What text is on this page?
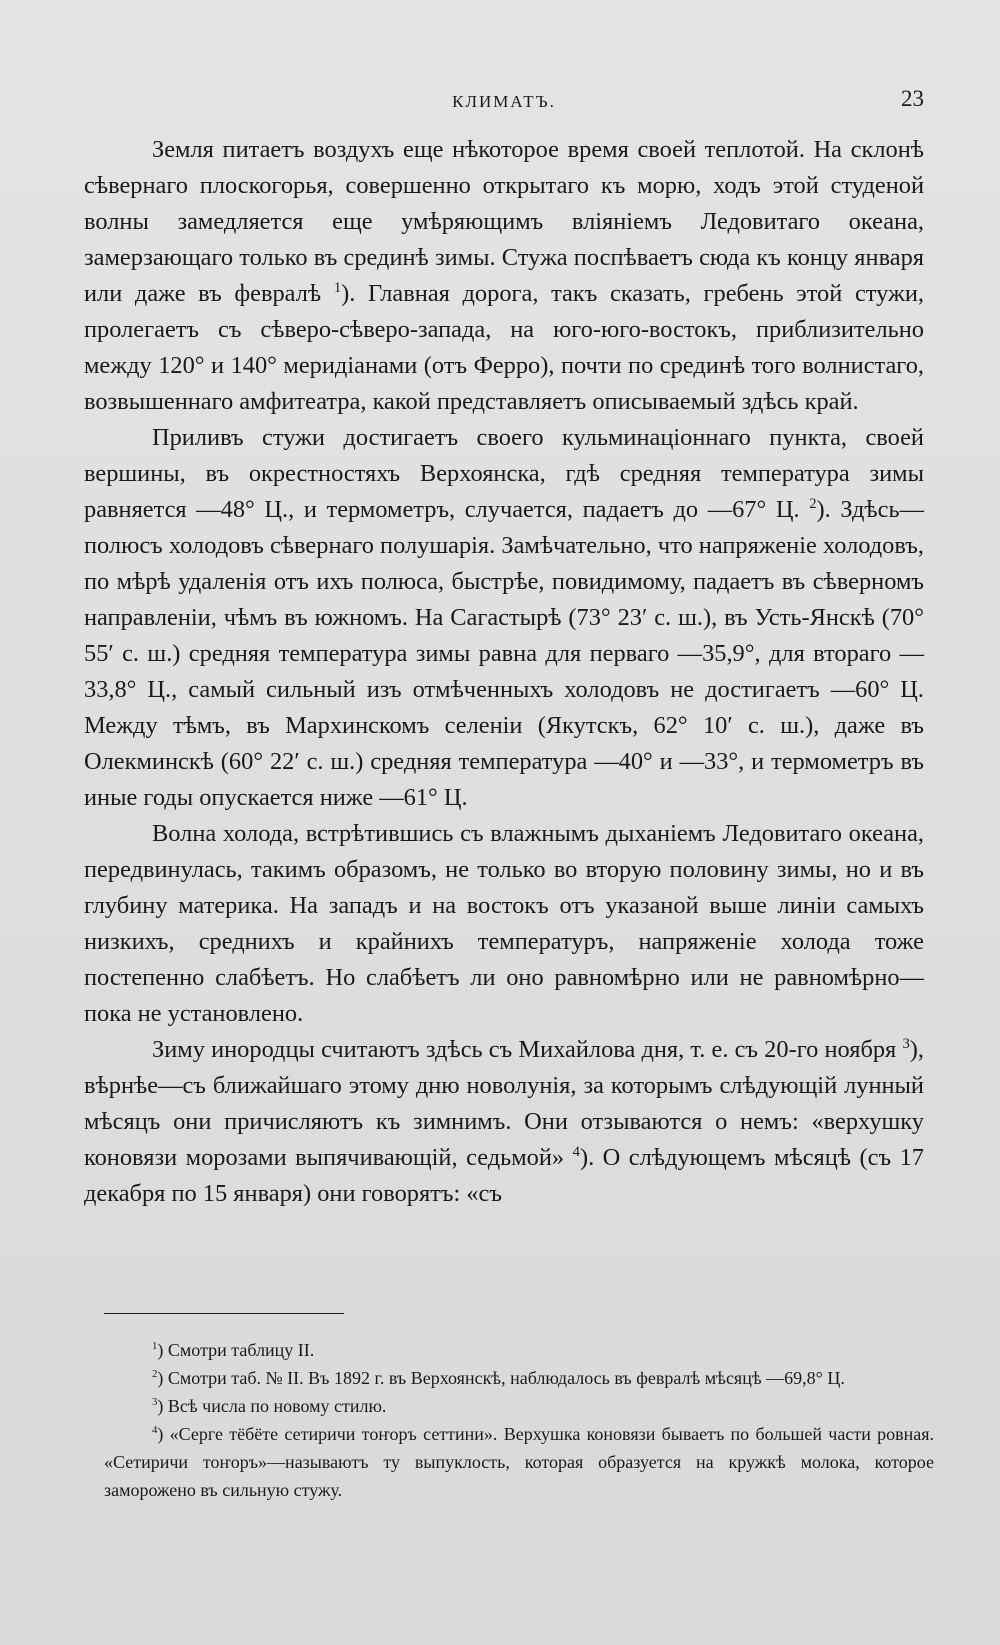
КЛИМАТЪ.	23

Земля питаетъ воздухъ еще нѣкоторое время своей теплотой. На склонѣ сѣвернаго плоскогорья, совершенно открытаго къ морю, ходъ этой студеной волны замедляется еще умѣряющимъ вліяніемъ Ледовитаго океана, замерзающаго только въ срединѣ зимы. Стужа поспѣваетъ сюда къ концу января или даже въ февралѣ $^1$). Главная дорога, такъ сказать, гребень этой стужи, пролегаетъ съ сѣверо-сѣверо-запада, на юго-юго-востокъ, приблизительно между 120° и 140° меридіанами (отъ Ферро), почти по срединѣ того волнистаго, возвышеннаго амфитеатра, какой представляетъ описываемый здѣсь край.

Приливъ стужи достигаетъ своего кульминаціоннаго пункта, своей вершины, въ окрестностяхъ Верхоянска, гдѣ средняя температура зимы равняется —48° Ц., и термометръ, случается, падаетъ до —67° Ц. $^2$). Здѣсь—полюсъ холодовъ сѣвернаго полушарія. Замѣчательно, что напряженіе холодовъ, по мѣрѣ удаленія отъ ихъ полюса, быстрѣе, повидимому, падаетъ въ сѣверномъ направленіи, чѣмъ въ южномъ. На Сагастырѣ (73° 23′ с. ш.), въ Усть-Янскѣ (70° 55′ с. ш.) средняя температура зимы равна для перваго —35,9°, для втораго —33,8° Ц., самый сильный изъ отмѣченныхъ холодовъ не достигаетъ —60° Ц. Между тѣмъ, въ Мархинскомъ селеніи (Якутскъ, 62° 10′ с. ш.), даже въ Олекминскѣ (60° 22′ с. ш.) средняя температура —40° и —33°, и термометръ въ иные годы опускается ниже —61° Ц.

Волна холода, встрѣтившись съ влажнымъ дыханіемъ Ледовитаго океана, передвинулась, такимъ образомъ, не только во вторую половину зимы, но и въ глубину материка. На западъ и на востокъ отъ указаной выше линіи самыхъ низкихъ, среднихъ и крайнихъ температуръ, напряженіе холода тоже постепенно слабѣетъ. Но слабѣетъ ли оно равномѣрно или не равномѣрно—пока не установлено.

Зиму инородцы считаютъ здѣсь съ Михайлова дня, т. е. съ 20-го ноября $^3$), вѣрнѣе—съ ближайшаго этому дню новолунія, за которымъ слѣдующій лунный мѣсяцъ они причисляютъ къ зимнимъ. Они отзываются о немъ: «верхушку коновязи морозами выпячивающій, седьмой» $^4$). О слѣдующемъ мѣсяцѣ (съ 17 декабря по 15 января) они говорятъ: «съ

$^1$) Смотри таблицу II.

$^2$) Смотри таб. № II. Въ 1892 г. въ Верхоянскѣ, наблюдалось въ февралѣ мѣсяцѣ —69,8° Ц.

$^3$) Всѣ числа по новому стилю.

$^4$) «Серге тёбёте сетиричи тоҥоръ сеттини». Верхушка коновязи бываетъ по большей части ровная. «Сетиричи тоҥоръ»—называютъ ту выпуклость, которая образуется на кружкѣ молока, которое заморожено въ сильную стужу.
